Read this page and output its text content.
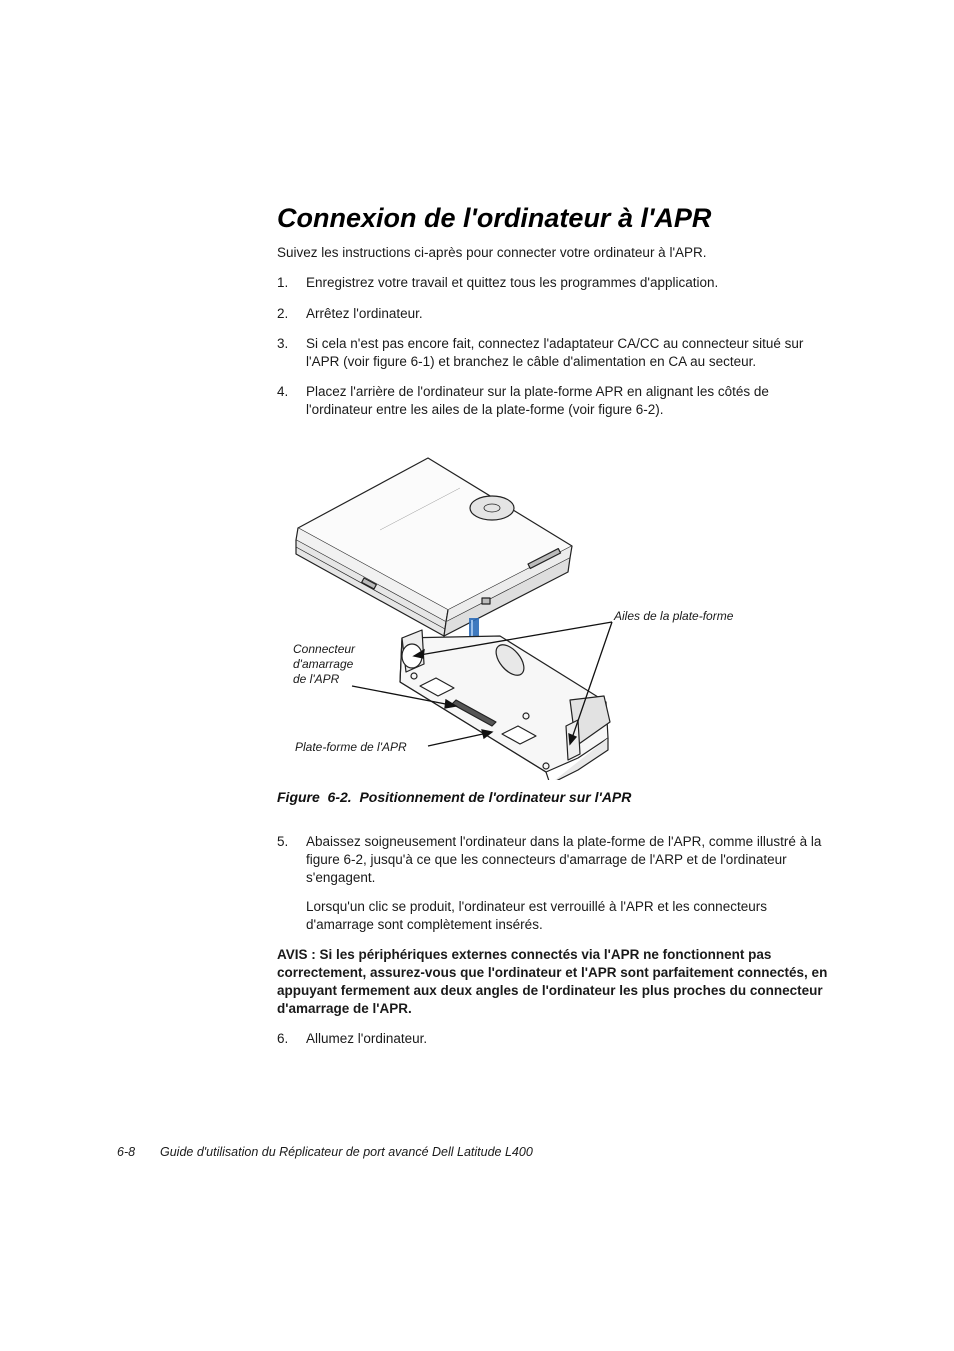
Connexion de l'ordinateur à l'APR
Suivez les instructions ci-après pour connecter votre ordinateur à l'APR.
1. Enregistrez votre travail et quittez tous les programmes d'application.
2. Arrêtez l'ordinateur.
3. Si cela n'est pas encore fait, connectez l'adaptateur CA/CC au connecteur situé sur l'APR (voir figure 6-1) et branchez le câble d'alimentation en CA au secteur.
4. Placez l'arrière de l'ordinateur sur la plate-forme APR en alignant les côtés de l'ordinateur entre les ailes de la plate-forme (voir figure 6-2).
Ailes de la plate-forme
Connecteur
d'amarrage
de l'APR
Plate-forme de l'APR
Figure  6-2.  Positionnement de l'ordinateur sur l'APR
5. Abaissez soigneusement l'ordinateur dans la plate-forme de l'APR, comme illustré à la figure 6-2, jusqu'à ce que les connecteurs d'amarrage de l'ARP et de l'ordinateur s'engagent.
Lorsqu'un clic se produit, l'ordinateur est verrouillé à l'APR et les connecteurs d'amarrage sont complètement insérés.
AVIS : Si les périphériques externes connectés via l'APR ne fonctionnent pas correctement, assurez-vous que l'ordinateur et l'APR sont parfaitement connectés, en appuyant fermement aux deux angles de l'ordinateur les plus proches du connecteur d'amarrage de l'APR.
6. Allumez l'ordinateur.
6-8 Guide d'utilisation du Réplicateur de port avancé Dell Latitude L400
